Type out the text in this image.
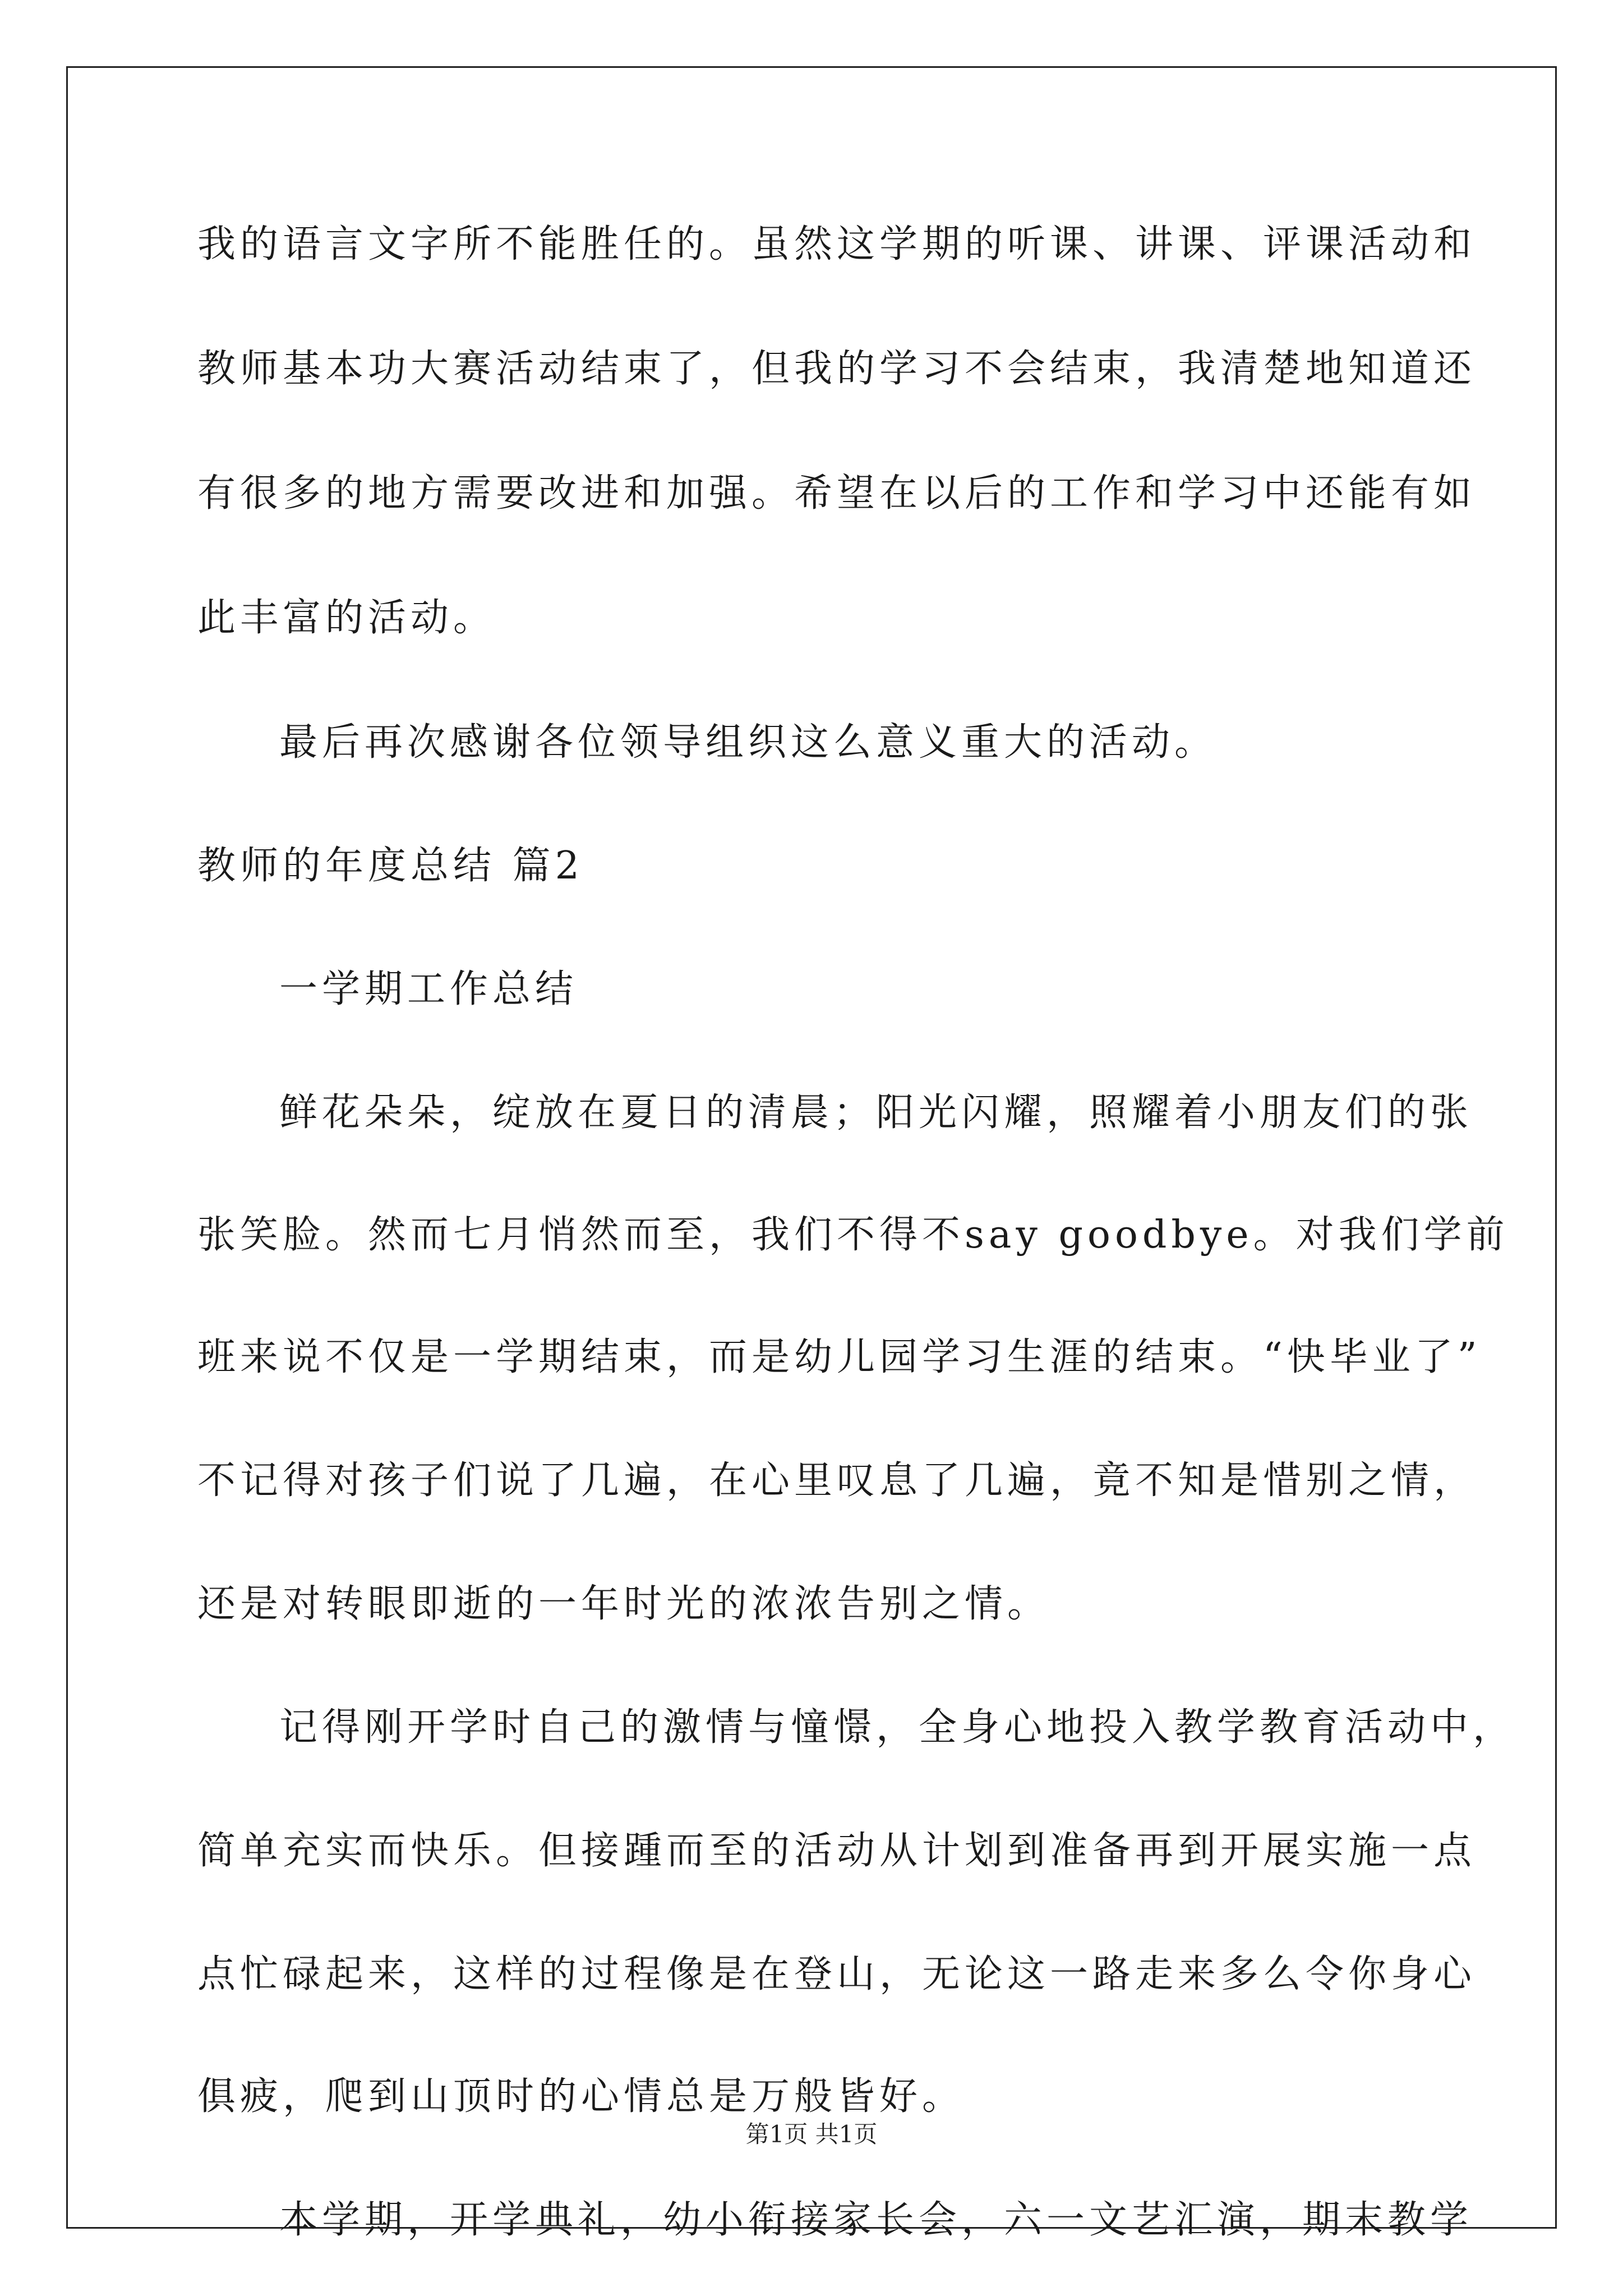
我的语言文字所不能胜任的。虽然这学期的听课、讲课、评课活动和
教师基本功大赛活动结束了，但我的学习不会结束，我清楚地知道还
有很多的地方需要改进和加强。希望在以后的工作和学习中还能有如
此丰富的活动。
最后再次感谢各位领导组织这么意义重大的活动。
教师的年度总结 篇2
一学期工作总结
鲜花朵朵，绽放在夏日的清晨；阳光闪耀，照耀着小朋友们的张
张笑脸。然而七月悄然而至，我们不得不say goodbye。对我们学前
班来说不仅是一学期结束，而是幼儿园学习生涯的结束。“快毕业了”
不记得对孩子们说了几遍，在心里叹息了几遍，竟不知是惜别之情，
还是对转眼即逝的一年时光的浓浓告别之情。
记得刚开学时自己的激情与憧憬，全身心地投入教学教育活动中，
简单充实而快乐。但接踵而至的活动从计划到准备再到开展实施一点
点忙碌起来，这样的过程像是在登山，无论这一路走来多么令你身心
俱疲，爬到山顶时的心情总是万般皆好。
本学期，开学典礼，幼小衔接家长会，六一文艺汇演，期末教学
第1页 共1页
